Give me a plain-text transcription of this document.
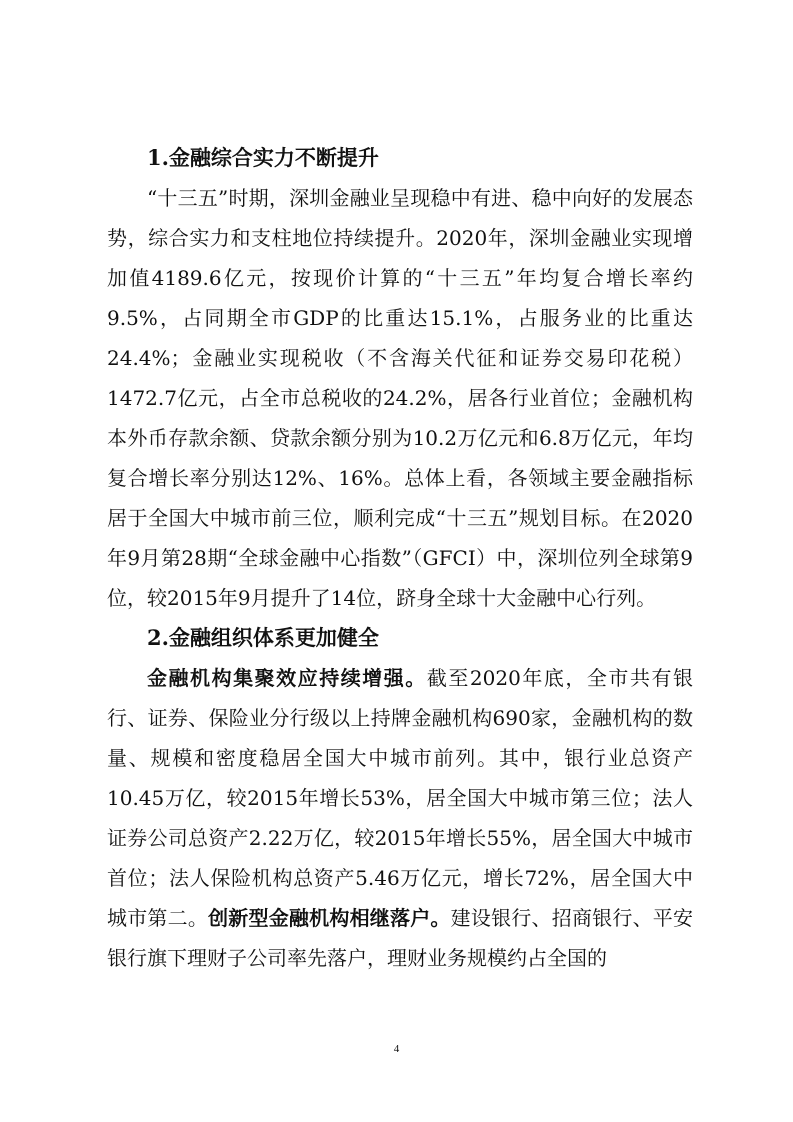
1.金融综合实力不断提升

“十三五”时期，深圳金融业呈现稳中有进、稳中向好的发展态势，综合实力和支柱地位持续提升。2020年，深圳金融业实现增加值4189.6亿元，按现价计算的“十三五”年均复合增长率约9.5%，占同期全市GDP的比重达15.1%，占服务业的比重达24.4%；金融业实现税收（不含海关代征和证券交易印花税）1472.7亿元，占全市总税收的24.2%，居各行业首位；金融机构本外币存款余额、贷款余额分别为10.2万亿元和6.8万亿元，年均复合增长率分别达12%、16%。总体上看，各领域主要金融指标居于全国大中城市前三位，顺利完成“十三五”规划目标。在2020年9月第28期“全球金融中心指数”（GFCI）中，深圳位列全球第9位，较2015年9月提升了14位，跻身全球十大金融中心行列。

2.金融组织体系更加健全

金融机构集聚效应持续增强。截至2020年底，全市共有银行、证券、保险业分行级以上持牌金融机构690家，金融机构的数量、规模和密度稳居全国大中城市前列。其中，银行业总资产10.45万亿，较2015年增长53%，居全国大中城市第三位；法人证券公司总资产2.22万亿，较2015年增长55%，居全国大中城市首位；法人保险机构总资产5.46万亿元，增长72%，居全国大中城市第二。创新型金融机构相继落户。建设银行、招商银行、平安银行旗下理财子公司率先落户，理财业务规模约占全国的

4
